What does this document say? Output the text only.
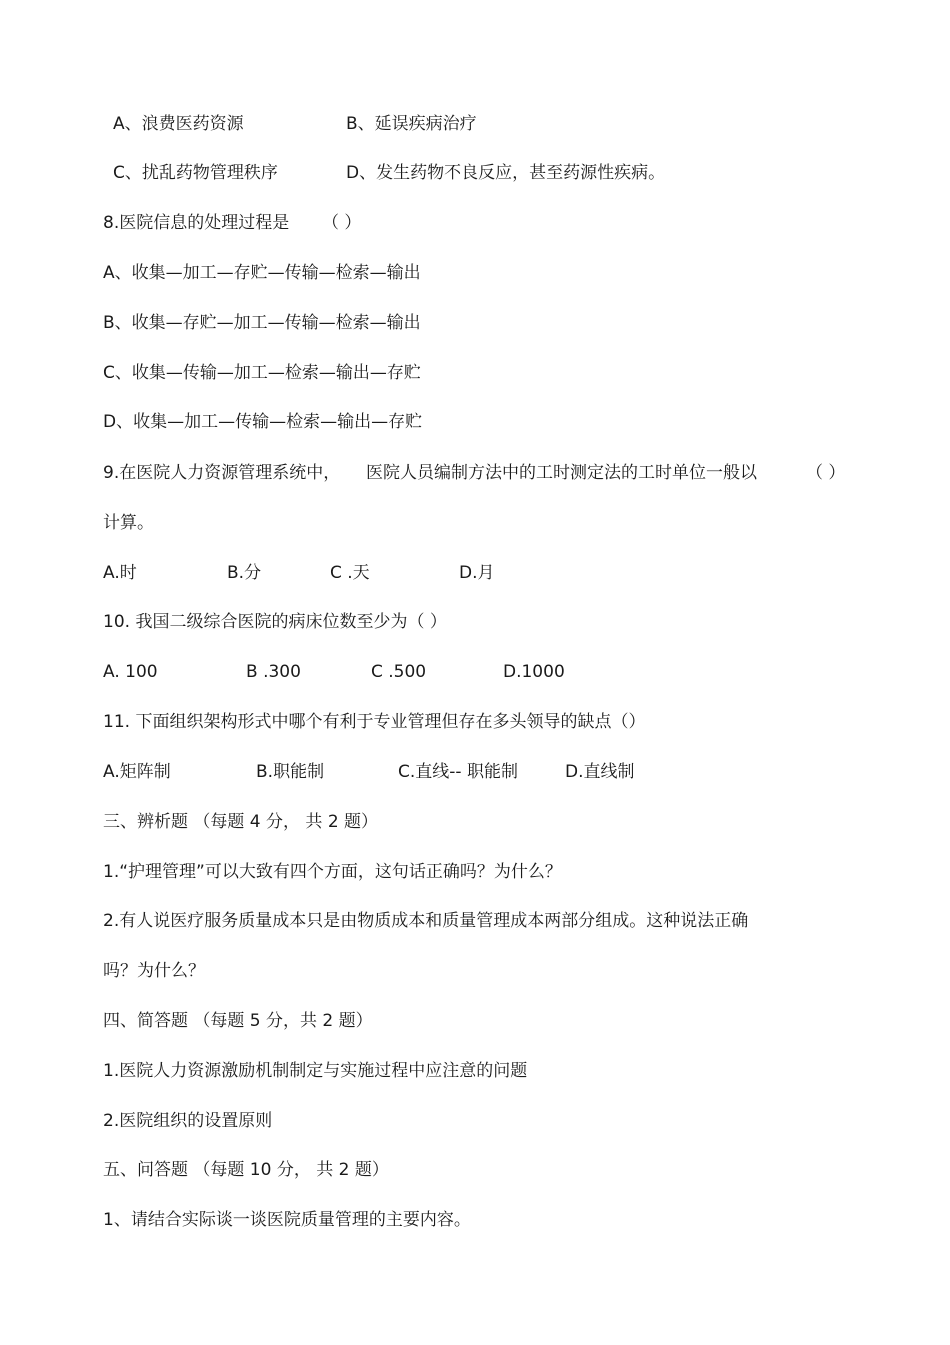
A、浪费医药资源	B、延误疾病治疗
C、扰乱药物管理秩序	D、发生药物不良反应，甚至药源性疾病。
8.医院信息的处理过程是 （ ）
A、收集—加工—存贮—传输—检索—输出
B、收集—存贮—加工—传输—检索—输出
C、收集—传输—加工—检索—输出—存贮
D、收集—加工—传输—检索—输出—存贮
9.在医院人力资源管理系统中， 医院人员编制方法中的工时测定法的工时单位一般以	（ ）
计算。
A.时	B.分	C .天	D.月
10. 我国二级综合医院的病床位数至少为（ ）
A. 100	B .300	C .500	D.1000
11. 下面组织架构形式中哪个有利于专业管理但存在多头领导的缺点（）
A.矩阵制	B.职能制	C.直线-- 职能制	D.直线制
三、辨析题 （每题 4 分， 共 2 题）
1.“护理管理”可以大致有四个方面，这句话正确吗？为什么？
2.有人说医疗服务质量成本只是由物质成本和质量管理成本两部分组成。这种说法正确
吗？为什么？
四、简答题 （每题 5 分，共 2 题）
1.医院人力资源激励机制制定与实施过程中应注意的问题
2.医院组织的设置原则
五、问答题 （每题 10 分， 共 2 题）
1、请结合实际谈一谈医院质量管理的主要内容。
